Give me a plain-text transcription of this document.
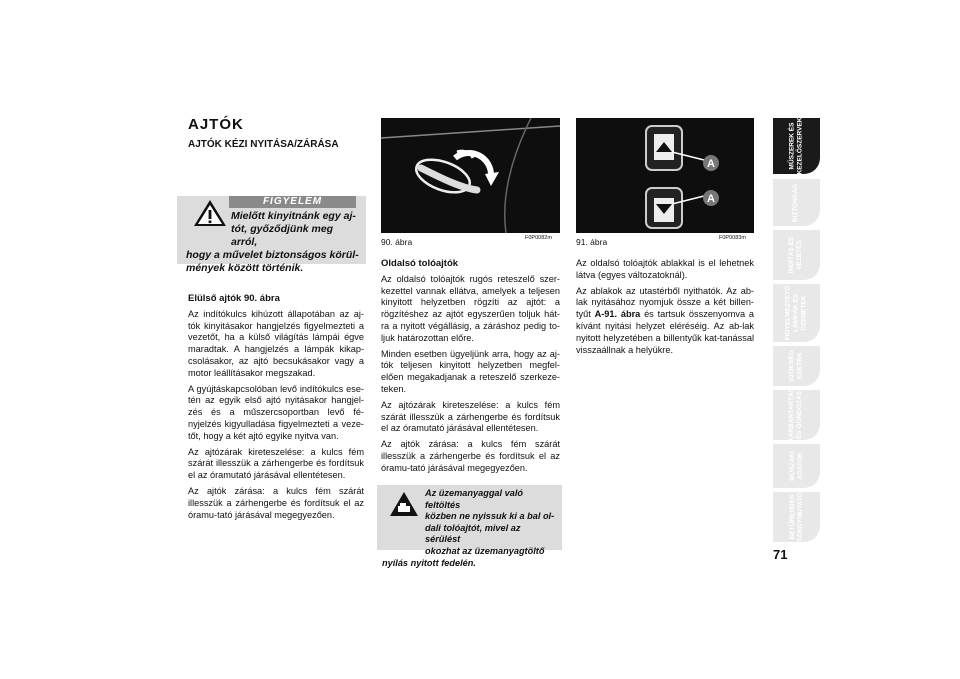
AJTÓK
AJTÓK KÉZI NYITÁSA/ZÁRÁSA
FIGYELEM
Mielőtt kinyitnánk egy aj-
tót, győződjünk meg arról,
hogy a művelet biztonságos körül-
mények között történik.

Elülső ajtók 90. ábra

Az indítókulcs kihúzott állapotában az aj-tók kinyitásakor hangjelzés figyelmezteti a vezetőt, ha a külső világítás lámpái égve maradtak. A hangjelzés a lámpák kikap-csolásakor, az ajtó becsukásakor vagy a motor leállításakor megszakad.

A gyújtáskapcsolóban levő indítókulcs ese-tén az egyik első ajtó nyitásakor hangjel-zés és a műszercsoportban levő fé-nyjelzés kigyulladása figyelmezteti a veze-tőt, hogy a két ajtó egyike nyitva van.

Az ajtózárak kireteszelése: a kulcs fém szárát illesszük a zárhengerbe és fordítsuk el az óramutató járásával ellentétesen.

Az ajtók zárása: a kulcs fém szárát illesszük a zárhengerbe és fordítsuk el az óramu-tató járásával megegyezően.

90. ábra	F0P0082m
A
A
91. ábra	F0P0083m

Oldalsó tolóajtók

Az oldalsó tolóajtók rugós reteszelő szer-kezettel vannak ellátva, amelyek a teljesen kinyitott helyzetben rögzíti az ajtót: a rögzítéshez az ajtót egyszerűen toljuk hát-ra a nyitott végállásig, a záráshoz pedig to-ljuk határozottan előre.

Minden esetben ügyeljünk arra, hogy az aj-tók teljesen kinyitott helyzetben megfel-elően megakadjanak a reteszelő szerkeze-teken.

Az ajtózárak kireteszelése: a kulcs fém szárát illesszük a zárhengerbe és fordítsuk el az óramutató járásával ellentétesen.

Az ajtók zárása: a kulcs fém szárát illesszük a zárhengerbe és fordítsuk el az óramu-tató járásával megegyezően.

Az üzemanyaggal való feltöltés
közben ne nyissuk ki a bal ol-
dali tolóajtót, mivel az sérülést
okozhat az üzemanyagtöltő
nyílás nyitott fedelén.

Az oldalsó tolóajtók ablakkal is el lehetnek látva (egyes változatoknál).

Az ablakok az utastérből nyithatók. Az ab-lak nyitásához nyomjuk össze a két billen-tyűt A-91. ábra és tartsuk összenyomva a kívánt nyitási helyzet eléréséig. Az ab-lak nyitott helyzetében a billentyűk kat-tanással visszaállnak a helyükre.

MŰSZEREK ÉS
KEZELŐSZERVEK
BIZTONSÁG
INDÍTÁS ÉS
VEZETÉS
FIGYELMEZTETŐ
LÁMPÁK ÉS
ÜZENETEK
SZÜKSÉG
ESETÉN
KARBANTARTÁS
ÉS GONDOZÁS
MŰSZAKI
ADATOK
BETŰRENDES
TÁRGYMUTATÓ
71
